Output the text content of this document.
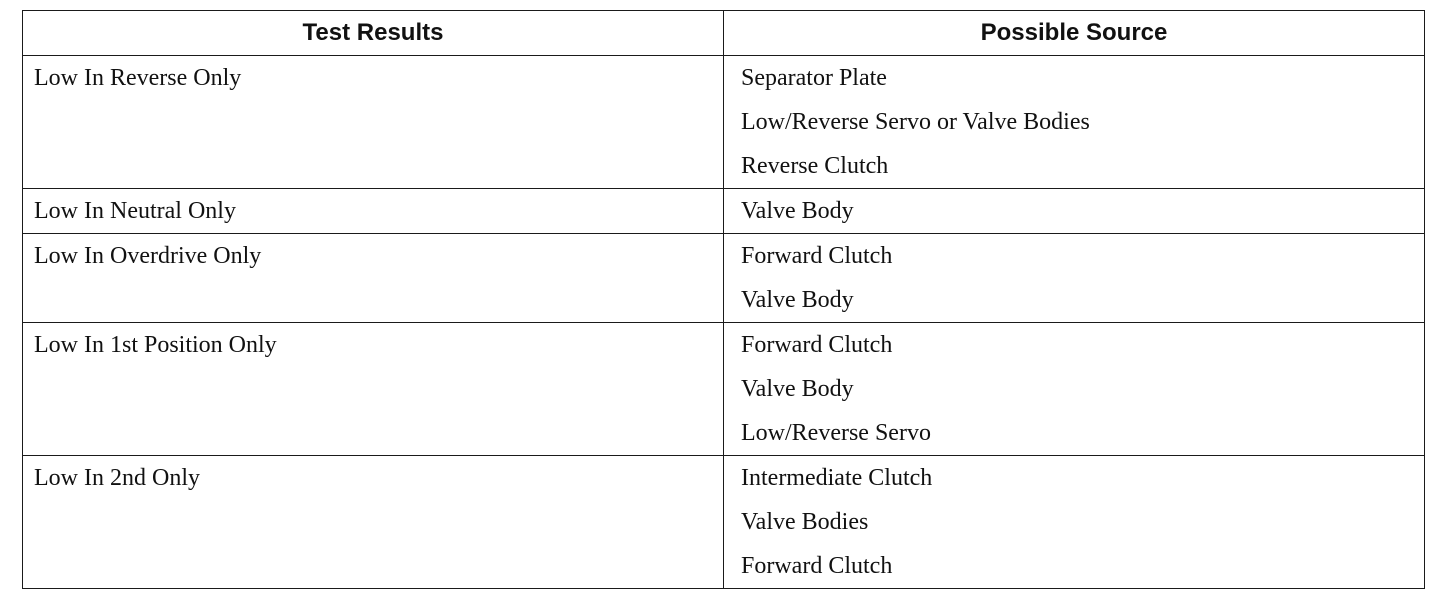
Test Results	Possible Source

Low In Reverse Only	Separator Plate
Low/Reverse Servo or Valve Bodies
Reverse Clutch

Low In Neutral Only	Valve Body

Low In Overdrive Only	Forward Clutch
Valve Body

Low In 1st Position Only	Forward Clutch
Valve Body
Low/Reverse Servo

Low In 2nd Only	Intermediate Clutch
Valve Bodies
Forward Clutch
